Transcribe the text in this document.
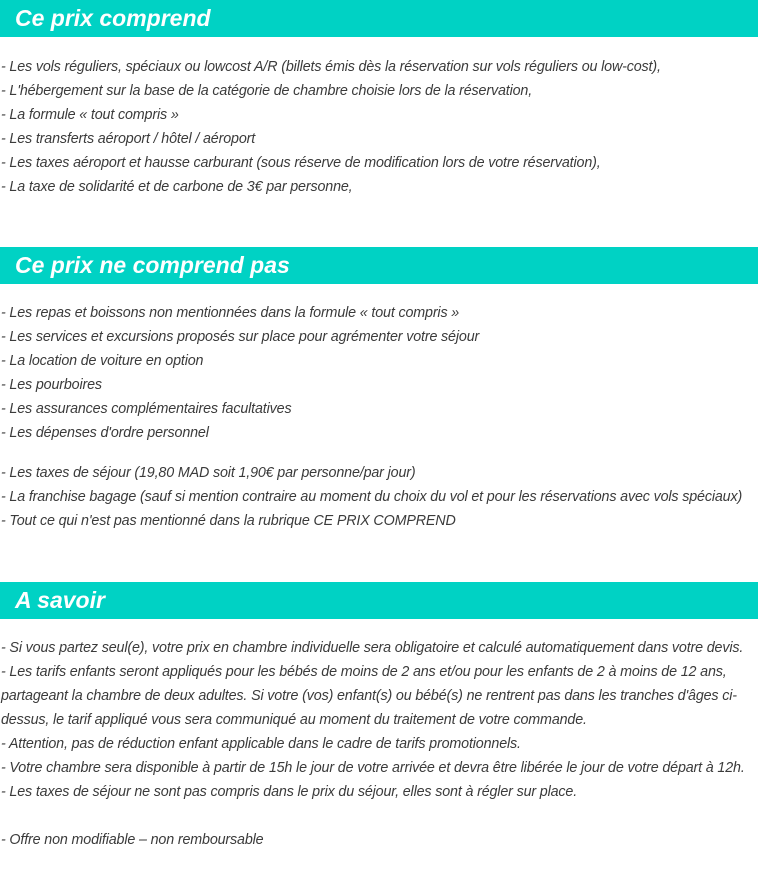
Ce prix comprend
- Les vols réguliers, spéciaux ou lowcost A/R (billets émis dès la réservation sur vols réguliers ou low-cost),
- L'hébergement sur la base de la catégorie de chambre choisie lors de la réservation,
- La formule « tout compris »
- Les transferts aéroport / hôtel / aéroport
- Les taxes aéroport et hausse carburant (sous réserve de modification lors de votre réservation),
- La taxe de solidarité et de carbone de 3€ par personne,
Ce prix ne comprend pas
- Les repas et boissons non mentionnées dans la formule « tout compris »
- Les services et excursions proposés sur place pour agrémenter votre séjour
- La location de voiture en option
- Les pourboires
- Les assurances complémentaires facultatives
- Les dépenses d'ordre personnel
- Les taxes de séjour (19,80 MAD soit 1,90€ par personne/par jour)
- La franchise bagage (sauf si mention contraire au moment du choix du vol et pour les réservations avec vols spéciaux)
- Tout ce qui n'est pas mentionné dans la rubrique CE PRIX COMPREND
A savoir
- Si vous partez seul(e), votre prix en chambre individuelle sera obligatoire et calculé automatiquement dans votre devis.
- Les tarifs enfants seront appliqués pour les bébés de moins de 2 ans et/ou pour les enfants de 2 à moins de 12 ans, partageant la chambre de deux adultes. Si votre (vos) enfant(s) ou bébé(s) ne rentrent pas dans les tranches d'âges ci-dessus, le tarif appliqué vous sera communiqué au moment du traitement de votre commande.
- Attention, pas de réduction enfant applicable dans le cadre de tarifs promotionnels.
- Votre chambre sera disponible à partir de 15h le jour de votre arrivée et devra être libérée le jour de votre départ à 12h.
- Les taxes de séjour ne sont pas compris dans le prix du séjour, elles sont à régler sur place.
- Offre non modifiable – non remboursable
